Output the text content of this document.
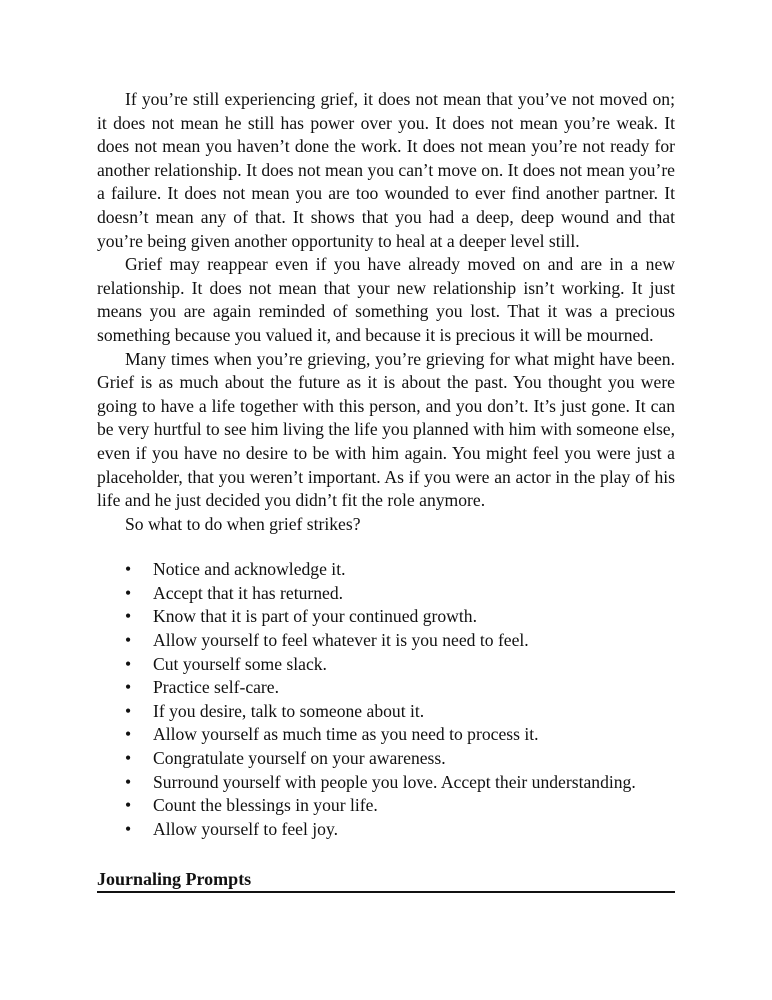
If you’re still experiencing grief, it does not mean that you’ve not moved on; it does not mean he still has power over you. It does not mean you’re weak. It does not mean you haven’t done the work. It does not mean you’re not ready for another relationship. It does not mean you can’t move on. It does not mean you’re a failure. It does not mean you are too wounded to ever find another partner. It doesn’t mean any of that. It shows that you had a deep, deep wound and that you’re being given another opportunity to heal at a deeper level still.

Grief may reappear even if you have already moved on and are in a new relationship. It does not mean that your new relationship isn’t working. It just means you are again reminded of something you lost. That it was a precious something because you valued it, and because it is precious it will be mourned.

Many times when you’re grieving, you’re grieving for what might have been. Grief is as much about the future as it is about the past. You thought you were going to have a life together with this person, and you don’t. It’s just gone. It can be very hurtful to see him living the life you planned with him with someone else, even if you have no desire to be with him again. You might feel you were just a placeholder, that you weren’t important. As if you were an actor in the play of his life and he just decided you didn’t fit the role anymore.

So what to do when grief strikes?

• Notice and acknowledge it.
• Accept that it has returned.
• Know that it is part of your continued growth.
• Allow yourself to feel whatever it is you need to feel.
• Cut yourself some slack.
• Practice self-care.
• If you desire, talk to someone about it.
• Allow yourself as much time as you need to process it.
• Congratulate yourself on your awareness.
• Surround yourself with people you love. Accept their understanding.
• Count the blessings in your life.
• Allow yourself to feel joy.
Journaling Prompts
